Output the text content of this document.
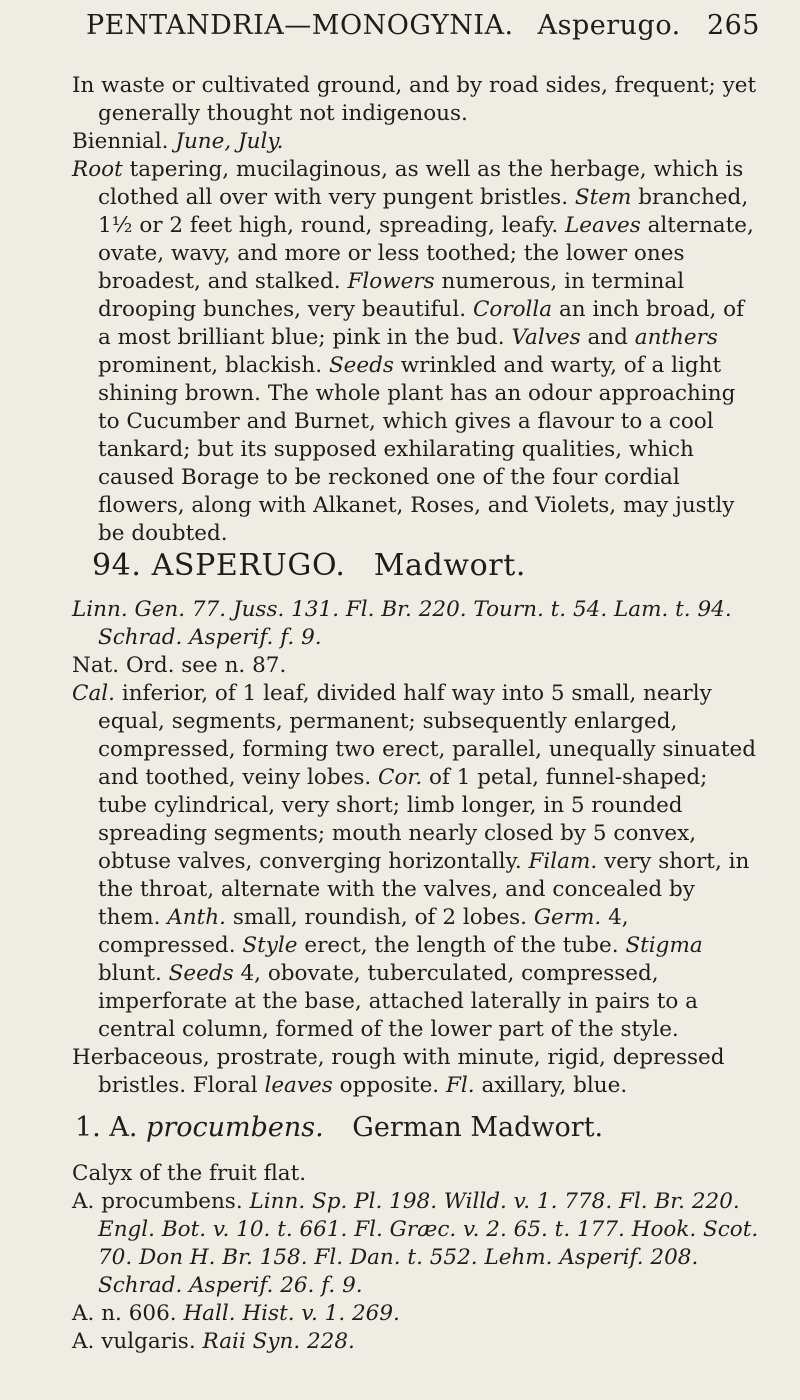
PENTANDRIA—MONOGYNIA. Asperugo. 265

In waste or cultivated ground, and by road sides, frequent; yet generally thought not indigenous.

Biennial. June, July.

Root tapering, mucilaginous, as well as the herbage, which is clothed all over with very pungent bristles. Stem branched, 1½ or 2 feet high, round, spreading, leafy. Leaves alternate, ovate, wavy, and more or less toothed; the lower ones broadest, and stalked. Flowers numerous, in terminal drooping bunches, very beautiful. Corolla an inch broad, of a most brilliant blue; pink in the bud. Valves and anthers prominent, blackish. Seeds wrinkled and warty, of a light shining brown. The whole plant has an odour approaching to Cucumber and Burnet, which gives a flavour to a cool tankard; but its supposed exhilarating qualities, which caused Borage to be reckoned one of the four cordial flowers, along with Alkanet, Roses, and Violets, may justly be doubted.

94. ASPERUGO. Madwort.

Linn. Gen. 77. Juss. 131. Fl. Br. 220. Tourn. t. 54. Lam. t. 94. Schrad. Asperif. f. 9.

Nat. Ord. see n. 87.

Cal. inferior, of 1 leaf, divided half way into 5 small, nearly equal, segments, permanent; subsequently enlarged, compressed, forming two erect, parallel, unequally sinuated and toothed, veiny lobes. Cor. of 1 petal, funnel-shaped; tube cylindrical, very short; limb longer, in 5 rounded spreading segments; mouth nearly closed by 5 convex, obtuse valves, converging horizontally. Filam. very short, in the throat, alternate with the valves, and concealed by them. Anth. small, roundish, of 2 lobes. Germ. 4, compressed. Style erect, the length of the tube. Stigma blunt. Seeds 4, obovate, tuberculated, compressed, imperforate at the base, attached laterally in pairs to a central column, formed of the lower part of the style.

Herbaceous, prostrate, rough with minute, rigid, depressed bristles. Floral leaves opposite. Fl. axillary, blue.

1. A. procumbens. German Madwort.

Calyx of the fruit flat.

A. procumbens. Linn. Sp. Pl. 198. Willd. v. 1. 778. Fl. Br. 220. Engl. Bot. v. 10. t. 661. Fl. Græc. v. 2. 65. t. 177. Hook. Scot. 70. Don H. Br. 158. Fl. Dan. t. 552. Lehm. Asperif. 208. Schrad. Asperif. 26. f. 9.

A. n. 606. Hall. Hist. v. 1. 269.

A. vulgaris. Raii Syn. 228.
